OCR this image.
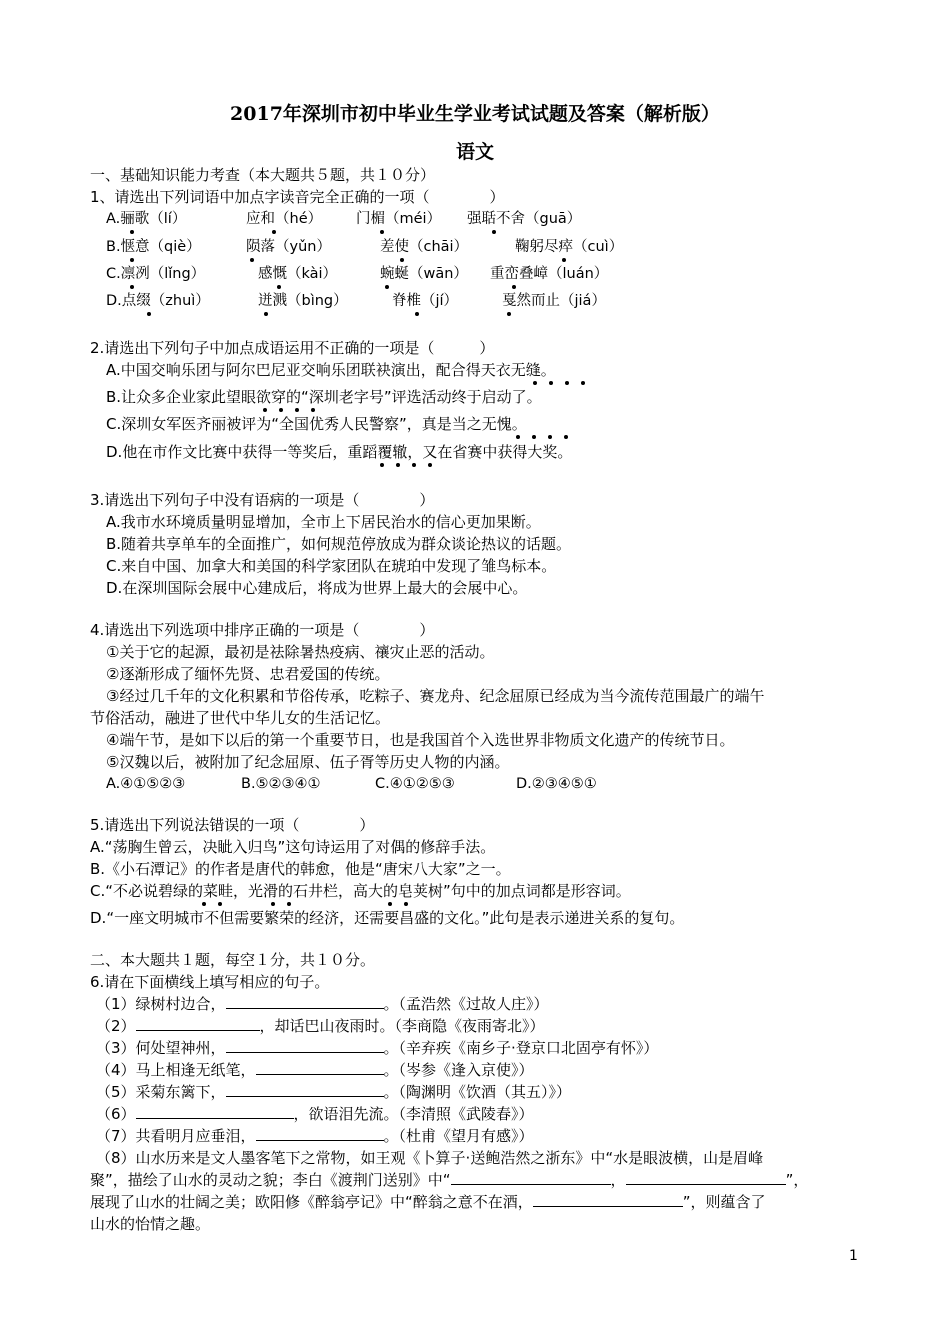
2017年深圳市初中毕业生学业考试试题及答案（解析版）
语文
一、基础知识能力考查（本大题共５题，共１０分）
1、请选出下列词语中加点字读音完全正确的一项（　　　　）
A.骊歌（lí）	应和（hé） 门楣（méi） 强聒不舍（guā）
B.惬意（qiè）	陨落（yǔn）	差使（chāi）	鞠躬尽瘁（cuì）
C.凛冽（lǐng）	感慨（kài）	蜿蜒（wān） 重峦叠嶂（luán）
D.点缀（zhuì）	迸溅（bìng）	脊椎（jí）	戛然而止（jiá）
2.请选出下列句子中加点成语运用不正确的一项是（　　　）
A.中国交响乐团与阿尔巴尼亚交响乐团联袂演出，配合得天衣无缝。
B.让众多企业家此望眼欲穿的“深圳老字号”评选活动终于启动了。
C.深圳女军医齐丽被评为“全国优秀人民警察”，真是当之无愧。
D.他在市作文比赛中获得一等奖后，重蹈覆辙，又在省赛中获得大奖。
3.请选出下列句子中没有语病的一项是（　　　　）
A.我市水环境质量明显增加，全市上下居民治水的信心更加果断。
B.随着共享单车的全面推广，如何规范停放成为群众谈论热议的话题。
C.来自中国、加拿大和美国的科学家团队在琥珀中发现了雏鸟标本。
D.在深圳国际会展中心建成后，将成为世界上最大的会展中心。
4.请选出下列选项中排序正确的一项是（　　　　）
①关于它的起源，最初是祛除暑热疫病、禳灾止恶的活动。
②逐渐形成了缅怀先贤、忠君爱国的传统。
③经过几千年的文化积累和节俗传承，吃粽子、赛龙舟、纪念屈原已经成为当今流传范围最广的端午
节俗活动，融进了世代中华儿女的生活记忆。
④端午节，是如下以后的第一个重要节日，也是我国首个入选世界非物质文化遗产的传统节日。
⑤汉魏以后，被附加了纪念屈原、伍子胥等历史人物的内涵。
A.④①⑤②③	B.⑤②③④①	C.④①②⑤③	D.②③④⑤①
5.请选出下列说法错误的一项（　　　　）
A.“荡胸生曾云，决眦入归鸟”这句诗运用了对偶的修辞手法。
B.《小石潭记》的作者是唐代的韩愈，他是“唐宋八大家”之一。
C.“不必说碧绿的菜畦，光滑的石井栏，高大的皂荚树”句中的加点词都是形容词。
D.“一座文明城市不但需要繁荣的经济，还需要昌盛的文化。”此句是表示递进关系的复句。
二、本大题共１题，每空１分，共１０分。
6.请在下面横线上填写相应的句子。
（1）绿树村边合，	。（孟浩然《过故人庄》）
（2）	，却话巴山夜雨时。（李商隐《夜雨寄北》）
（3）何处望神州，	。（辛弃疾《南乡子·登京口北固亭有怀》）
（4）马上相逢无纸笔，	。（岑参《逢入京使》）
（5）采菊东篱下，	。（陶渊明《饮酒（其五）》）
（6）	，欲语泪先流。（李清照《武陵春》）
（7）共看明月应垂泪，	。（杜甫《望月有感》）
（8）山水历来是文人墨客笔下之常物，如王观《卜算子·送鲍浩然之浙东》中“水是眼波横，山是眉峰
聚”，描绘了山水的灵动之貌；李白《渡荆门送别》中“	，	”，
展现了山水的壮阔之美；欧阳修《醉翁亭记》中“醉翁之意不在酒，	”，则蕴含了
山水的怡情之趣。
1
